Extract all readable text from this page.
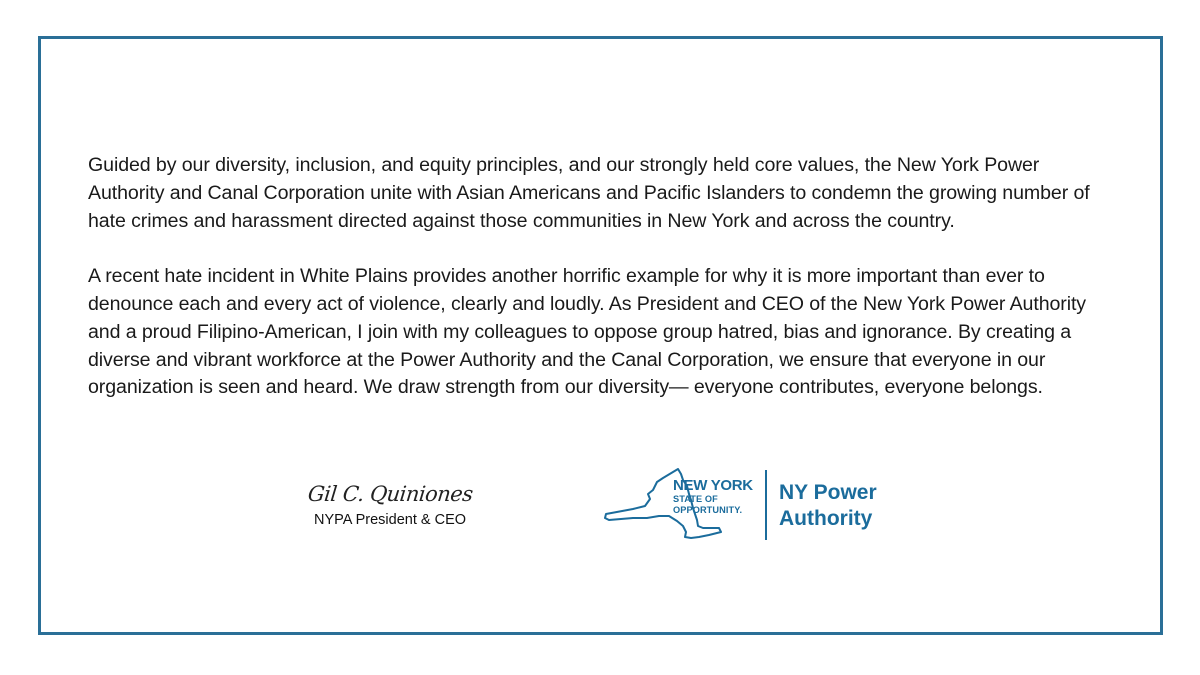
Guided by our diversity, inclusion, and equity principles, and our strongly held core values, the New York Power Authority and Canal Corporation unite with Asian Americans and Pacific Islanders to condemn the growing number of hate crimes and harassment directed against those communities in New York and across the country.

A recent hate incident in White Plains provides another horrific example for why it is more important than ever to denounce each and every act of violence, clearly and loudly. As President and CEO of the New York Power Authority and a proud Filipino-American, I join with my colleagues to oppose group hatred, bias and ignorance. By creating a diverse and vibrant workforce at the Power Authority and the Canal Corporation, we ensure that everyone in our organization is seen and heard. We draw strength from our diversity— everyone contributes, everyone belongs.

Gil C. Quiniones
NYPA President & CEO
NEW YORK
STATE OF
OPPORTUNITY.
NY Power
Authority
